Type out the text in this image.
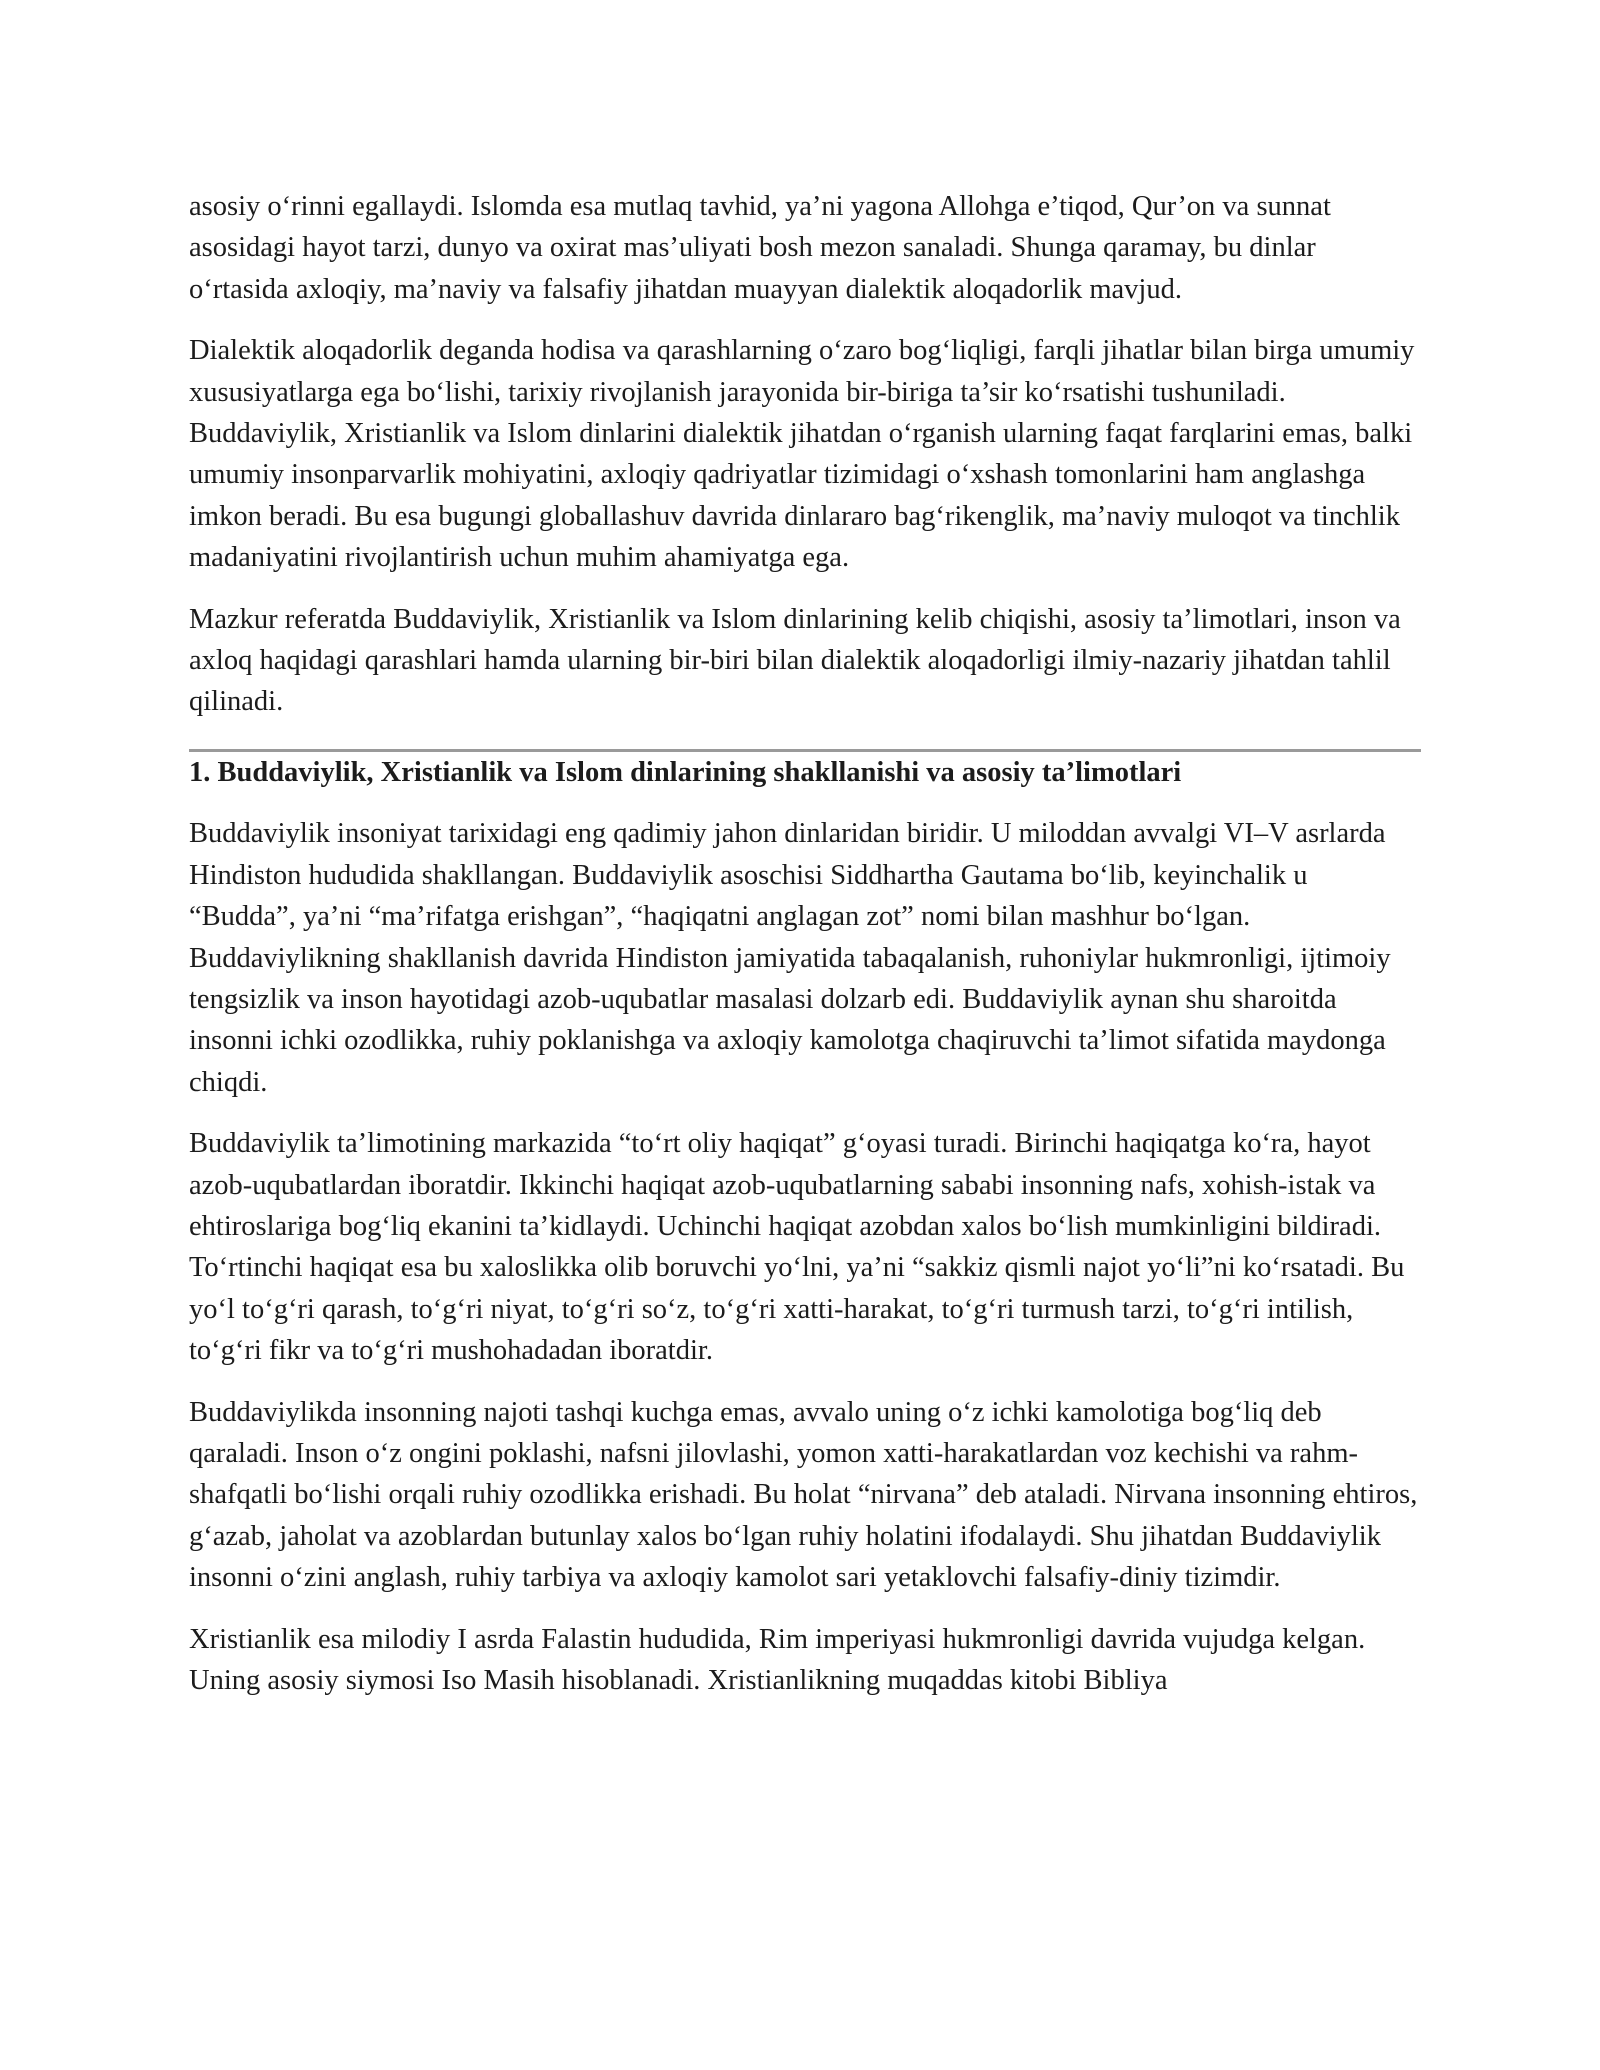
asosiy o‘rinni egallaydi. Islomda esa mutlaq tavhid, ya’ni yagona Allohga e’tiqod, Qur’on va sunnat asosidagi hayot tarzi, dunyo va oxirat mas’uliyati bosh mezon sanaladi. Shunga qaramay, bu dinlar o‘rtasida axloqiy, ma’naviy va falsafiy jihatdan muayyan dialektik aloqadorlik mavjud.

Dialektik aloqadorlik deganda hodisa va qarashlarning o‘zaro bog‘liqligi, farqli jihatlar bilan birga umumiy xususiyatlarga ega bo‘lishi, tarixiy rivojlanish jarayonida bir-biriga ta’sir ko‘rsatishi tushuniladi. Buddaviylik, Xristianlik va Islom dinlarini dialektik jihatdan o‘rganish ularning faqat farqlarini emas, balki umumiy insonparvarlik mohiyatini, axloqiy qadriyatlar tizimidagi o‘xshash tomonlarini ham anglashga imkon beradi. Bu esa bugungi globallashuv davrida dinlararo bag‘rikenglik, ma’naviy muloqot va tinchlik madaniyatini rivojlantirish uchun muhim ahamiyatga ega.

Mazkur referatda Buddaviylik, Xristianlik va Islom dinlarining kelib chiqishi, asosiy ta’limotlari, inson va axloq haqidagi qarashlari hamda ularning bir-biri bilan dialektik aloqadorligi ilmiy-nazariy jihatdan tahlil qilinadi.

1. Buddaviylik, Xristianlik va Islom dinlarining shakllanishi va asosiy ta’limotlari

Buddaviylik insoniyat tarixidagi eng qadimiy jahon dinlaridan biridir. U miloddan avvalgi VI–V asrlarda Hindiston hududida shakllangan. Buddaviylik asoschisi Siddhartha Gautama bo‘lib, keyinchalik u “Budda”, ya’ni “ma’rifatga erishgan”, “haqiqatni anglagan zot” nomi bilan mashhur bo‘lgan. Buddaviylikning shakllanish davrida Hindiston jamiyatida tabaqalanish, ruhoniylar hukmronligi, ijtimoiy tengsizlik va inson hayotidagi azob-uqubatlar masalasi dolzarb edi. Buddaviylik aynan shu sharoitda insonni ichki ozodlikka, ruhiy poklanishga va axloqiy kamolotga chaqiruvchi ta’limot sifatida maydonga chiqdi.

Buddaviylik ta’limotining markazida “to‘rt oliy haqiqat” g‘oyasi turadi. Birinchi haqiqatga ko‘ra, hayot azob-uqubatlardan iboratdir. Ikkinchi haqiqat azob-uqubatlarning sababi insonning nafs, xohish-istak va ehtiroslariga bog‘liq ekanini ta’kidlaydi. Uchinchi haqiqat azobdan xalos bo‘lish mumkinligini bildiradi. To‘rtinchi haqiqat esa bu xaloslikka olib boruvchi yo‘lni, ya’ni “sakkiz qismli najot yo‘li”ni ko‘rsatadi. Bu yo‘l to‘g‘ri qarash, to‘g‘ri niyat, to‘g‘ri so‘z, to‘g‘ri xatti-harakat, to‘g‘ri turmush tarzi, to‘g‘ri intilish, to‘g‘ri fikr va to‘g‘ri mushohadadan iboratdir.

Buddaviylikda insonning najoti tashqi kuchga emas, avvalo uning o‘z ichki kamolotiga bog‘liq deb qaraladi. Inson o‘z ongini poklashi, nafsni jilovlashi, yomon xatti-harakatlardan voz kechishi va rahm-shafqatli bo‘lishi orqali ruhiy ozodlikka erishadi. Bu holat “nirvana” deb ataladi. Nirvana insonning ehtiros, g‘azab, jaholat va azoblardan butunlay xalos bo‘lgan ruhiy holatini ifodalaydi. Shu jihatdan Buddaviylik insonni o‘zini anglash, ruhiy tarbiya va axloqiy kamolot sari yetaklovchi falsafiy-diniy tizimdir.

Xristianlik esa milodiy I asrda Falastin hududida, Rim imperiyasi hukmronligi davrida vujudga kelgan. Uning asosiy siymosi Iso Masih hisoblanadi. Xristianlikning muqaddas kitobi Bibliya
